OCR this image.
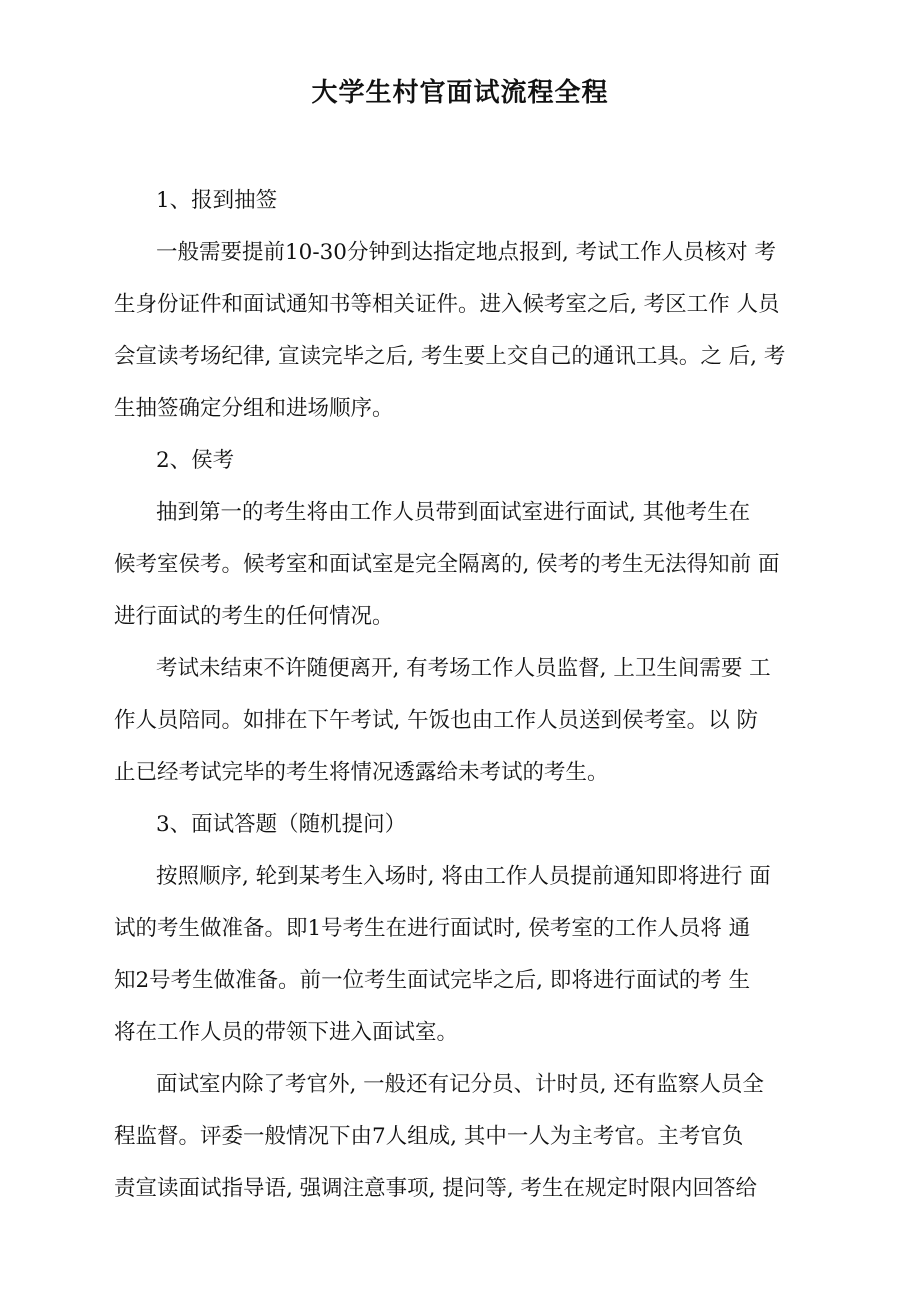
大学生村官面试流程全程
1、报到抽签
一般需要提前10-30分钟到达指定地点报到, 考试工作人员核对 考
生身份证件和面试通知书等相关证件。进入候考室之后, 考区工作 人员
会宣读考场纪律, 宣读完毕之后, 考生要上交自己的通讯工具。之 后, 考
生抽签确定分组和进场顺序。
2、侯考
抽到第一的考生将由工作人员带到面试室进行面试, 其他考生在
候考室侯考。候考室和面试室是完全隔离的, 侯考的考生无法得知前 面
进行面试的考生的任何情况。
考试未结束不许随便离开, 有考场工作人员监督, 上卫生间需要 工
作人员陪同。如排在下午考试, 午饭也由工作人员送到侯考室。以 防
止已经考试完毕的考生将情况透露给未考试的考生。
3、面试答题（随机提问）
按照顺序, 轮到某考生入场时, 将由工作人员提前通知即将进行 面
试的考生做准备。即1号考生在进行面试时, 侯考室的工作人员将 通
知2号考生做准备。前一位考生面试完毕之后, 即将进行面试的考 生
将在工作人员的带领下进入面试室。
面试室内除了考官外, 一般还有记分员、计时员, 还有监察人员全
程监督。评委一般情况下由7人组成, 其中一人为主考官。主考官负
责宣读面试指导语, 强调注意事项, 提问等, 考生在规定时限内回答给
